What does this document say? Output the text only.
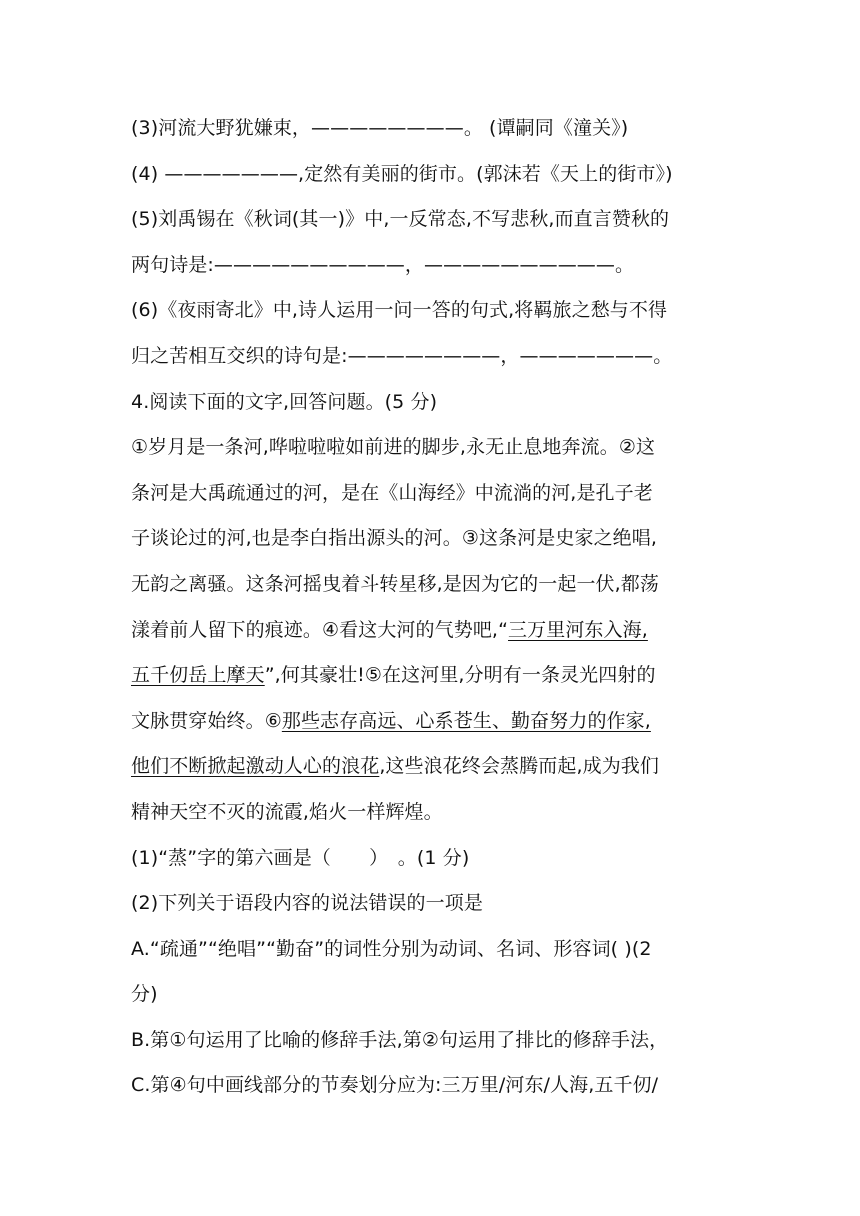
(3)河流大野犹嫌束，————————。 (谭嗣同《潼关》)
(4) ———————,定然有美丽的街市。(郭沫若《天上的街市》)
(5)刘禹锡在《秋词(其一)》中,一反常态,不写悲秋,而直言赞秋的
两句诗是:——————————，——————————。
(6)《夜雨寄北》中,诗人运用一问一答的句式,将羁旅之愁与不得
归之苦相互交织的诗句是:————————，———————。
4.阅读下面的文字,回答问题。(5 分)
①岁月是一条河,哗啦啦啦如前进的脚步,永无止息地奔流。②这
条河是大禹疏通过的河，是在《山海经》中流淌的河,是孔子老
子谈论过的河,也是李白指出源头的河。③这条河是史家之绝唱,
无韵之离骚。这条河摇曳着斗转星移,是因为它的一起一伏,都荡
漾着前人留下的痕迹。④看这大河的气势吧,“三万里河东入海,
五千仞岳上摩天”,何其豪壮!⑤在这河里,分明有一条灵光四射的
文脉贯穿始终。⑥那些志存高远、心系苍生、勤奋努力的作家,
他们不断掀起激动人心的浪花,这些浪花终会蒸腾而起,成为我们
精神天空不灭的流霞,焰火一样辉煌。
(1)“蒸”字的第六画是（　　）　。(1 分)
(2)下列关于语段内容的说法错误的一项是
A.“疏通”“绝唱”“勤奋”的词性分别为动词、名词、形容词( )(2
分)
B.第①句运用了比喻的修辞手法,第②句运用了排比的修辞手法，
C.第④句中画线部分的节奏划分应为:三万里/河东/人海,五千仞/
